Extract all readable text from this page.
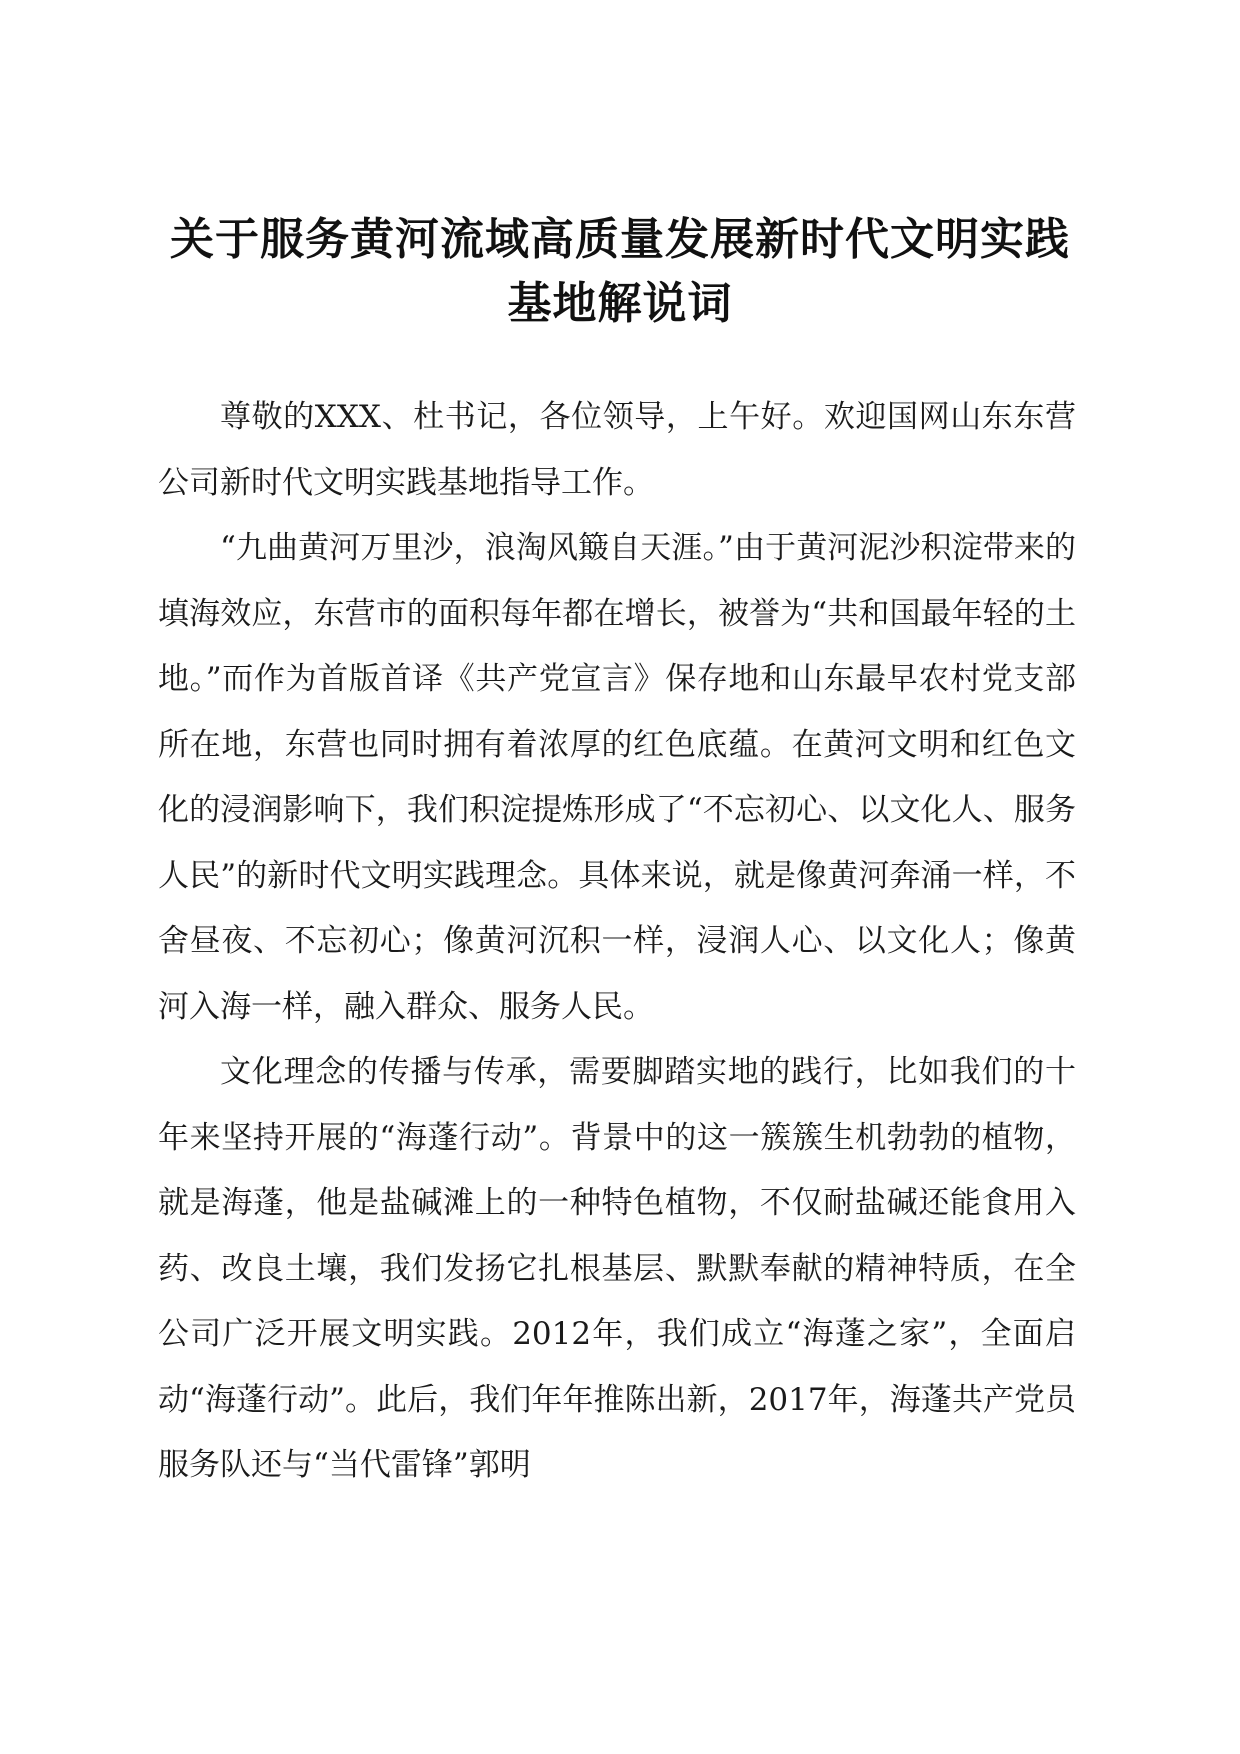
关于服务黄河流域高质量发展新时代文明实践
基地解说词

尊敬的XXX、杜书记，各位领导，上午好。欢迎国网山东东营公司新时代文明实践基地指导工作。

“九曲黄河万里沙，浪淘风簸自天涯。”由于黄河泥沙积淀带来的填海效应，东营市的面积每年都在增长，被誉为“共和国最年轻的土地。”而作为首版首译《共产党宣言》保存地和山东最早农村党支部所在地，东营也同时拥有着浓厚的红色底蕴。在黄河文明和红色文化的浸润影响下，我们积淀提炼形成了“不忘初心、以文化人、服务人民”的新时代文明实践理念。具体来说，就是像黄河奔涌一样，不舍昼夜、不忘初心；像黄河沉积一样，浸润人心、以文化人；像黄河入海一样，融入群众、服务人民。

文化理念的传播与传承，需要脚踏实地的践行，比如我们的十年来坚持开展的“海蓬行动”。背景中的这一簇簇生机勃勃的植物，就是海蓬，他是盐碱滩上的一种特色植物，不仅耐盐碱还能食用入药、改良土壤，我们发扬它扎根基层、默默奉献的精神特质，在全公司广泛开展文明实践。2012年，我们成立“海蓬之家”，全面启动“海蓬行动”。此后，我们年年推陈出新，2017年，海蓬共产党员服务队还与“当代雷锋”郭明
